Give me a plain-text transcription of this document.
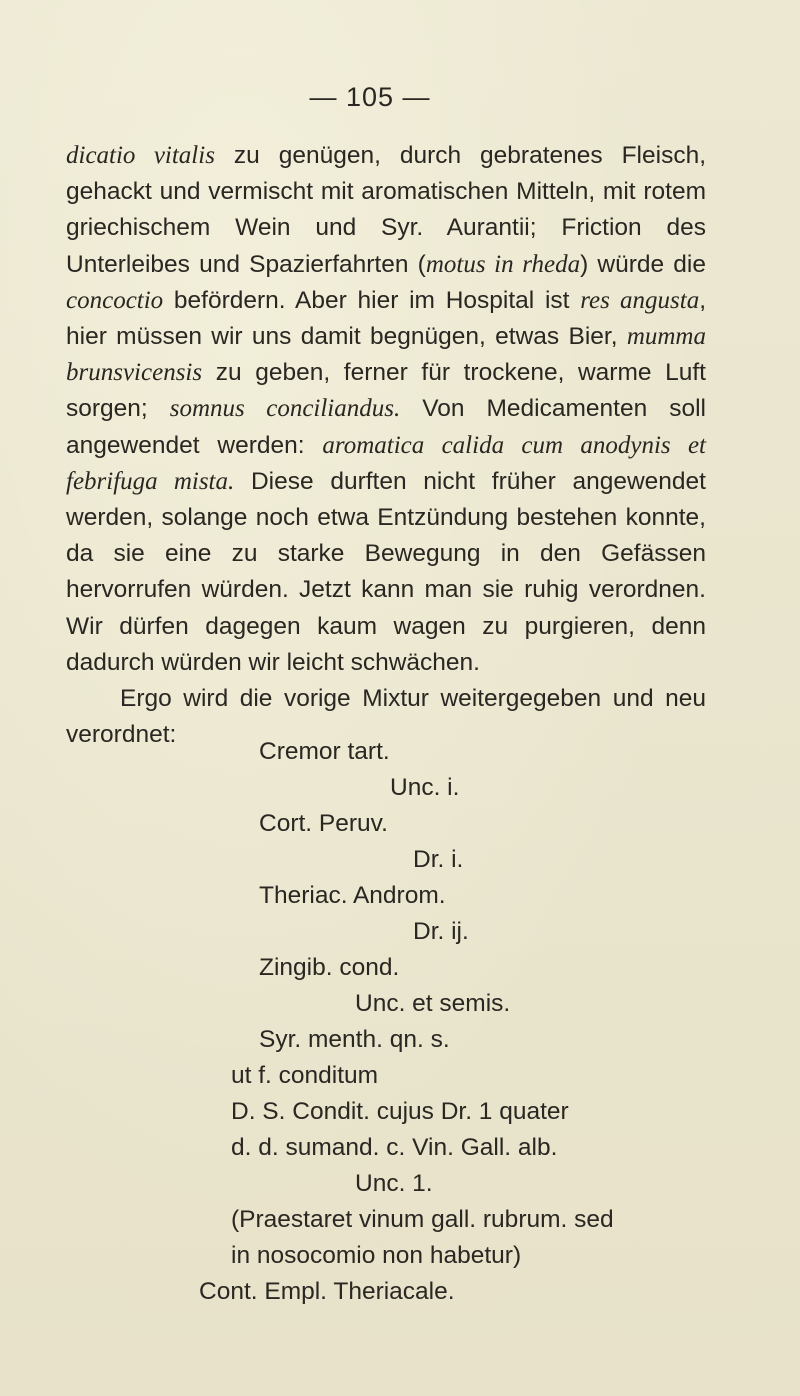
— 105 —

dicatio vitalis zu genügen, durch gebratenes Fleisch, gehackt und vermischt mit aromatischen Mitteln, mit rotem griechischem Wein und Syr. Aurantii; Friction des Unterleibes und Spazierfahrten (motus in rheda) würde die concoctio befördern. Aber hier im Hospital ist res angusta, hier müssen wir uns damit begnügen, etwas Bier, mumma brunsvicensis zu geben, ferner für trockene, warme Luft sorgen; somnus conciliandus. Von Medicamenten soll angewendet werden: aromatica calida cum anodynis et febrifuga mista. Diese durften nicht früher angewendet werden, solange noch etwa Entzündung bestehen konnte, da sie eine zu starke Bewegung in den Gefässen hervorrufen würden. Jetzt kann man sie ruhig verordnen. Wir dürfen dagegen kaum wagen zu purgieren, denn dadurch würden wir leicht schwächen.

Ergo wird die vorige Mixtur weitergegeben und neu verordnet:

Cremor tart.
Unc. i.
Cort. Peruv.
Dr. i.
Theriac. Androm.
Dr. ij.
Zingib. cond.
Unc. et semis.
Syr. menth. qn. s.
ut f. conditum
D. S. Condit. cujus Dr. 1 quater
d. d. sumand. c. Vin. Gall. alb.
Unc. 1.
(Praestaret vinum gall. rubrum. sed
in nosocomio non habetur)
Cont. Empl. Theriacale.
